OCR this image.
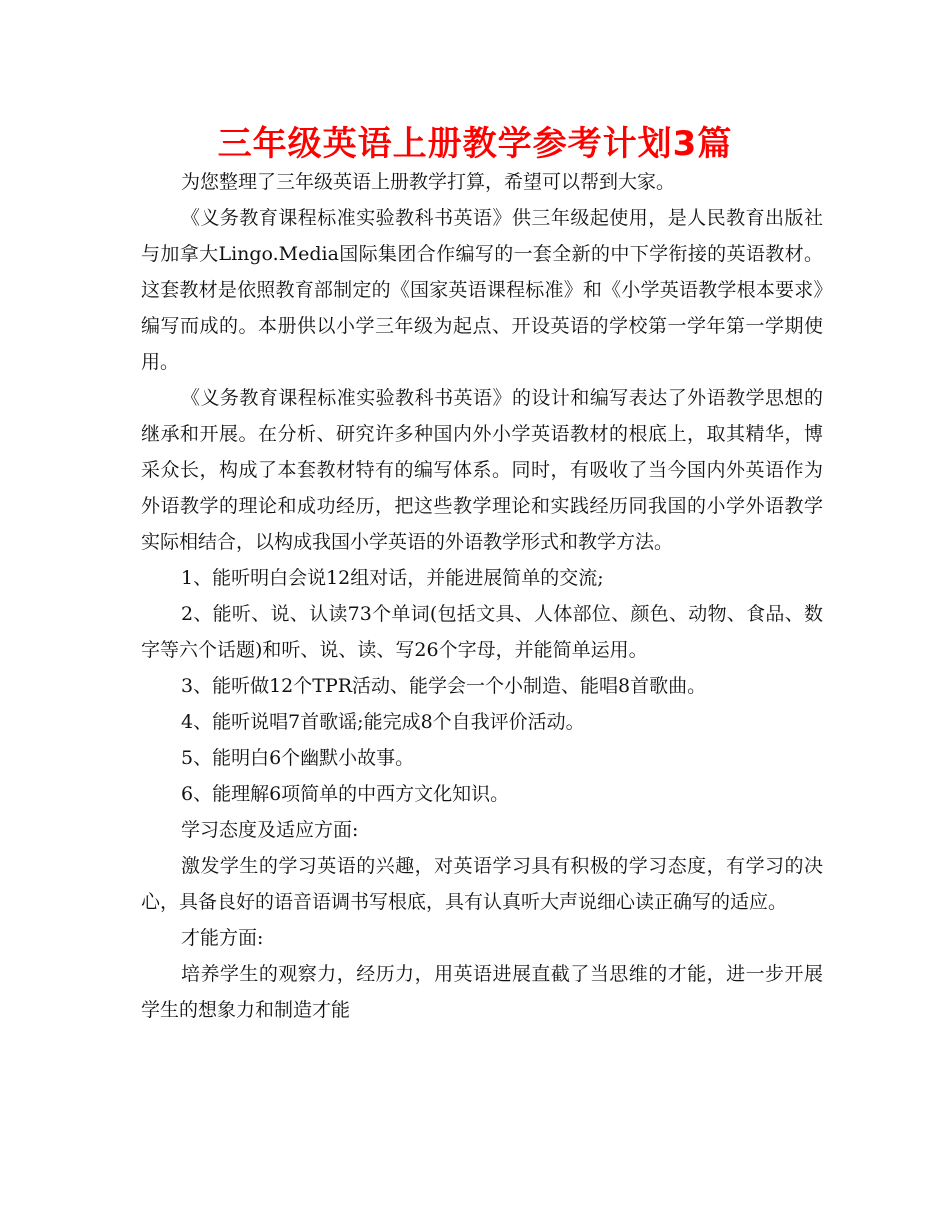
三年级英语上册教学参考计划3篇

为您整理了三年级英语上册教学打算，希望可以帮到大家。

《义务教育课程标准实验教科书英语》供三年级起使用，是人民教育出版社与加拿大Lingo.Media国际集团合作编写的一套全新的中下学衔接的英语教材。这套教材是依照教育部制定的《国家英语课程标准》和《小学英语教学根本要求》编写而成的。本册供以小学三年级为起点、开设英语的学校第一学年第一学期使用。

《义务教育课程标准实验教科书英语》的设计和编写表达了外语教学思想的继承和开展。在分析、研究许多种国内外小学英语教材的根底上，取其精华，博采众长，构成了本套教材特有的编写体系。同时，有吸收了当今国内外英语作为外语教学的理论和成功经历，把这些教学理论和实践经历同我国的小学外语教学实际相结合，以构成我国小学英语的外语教学形式和教学方法。

1、能听明白会说12组对话，并能进展简单的交流;

2、能听、说、认读73个单词(包括文具、人体部位、颜色、动物、食品、数字等六个话题)和听、说、读、写26个字母，并能简单运用。

3、能听做12个TPR活动、能学会一个小制造、能唱8首歌曲。

4、能听说唱7首歌谣;能完成8个自我评价活动。

5、能明白6个幽默小故事。

6、能理解6项简单的中西方文化知识。

学习态度及适应方面:

激发学生的学习英语的兴趣，对英语学习具有积极的学习态度，有学习的决心，具备良好的语音语调书写根底，具有认真听大声说细心读正确写的适应。

才能方面:

培养学生的观察力，经历力，用英语进展直截了当思维的才能，进一步开展学生的想象力和制造才能
